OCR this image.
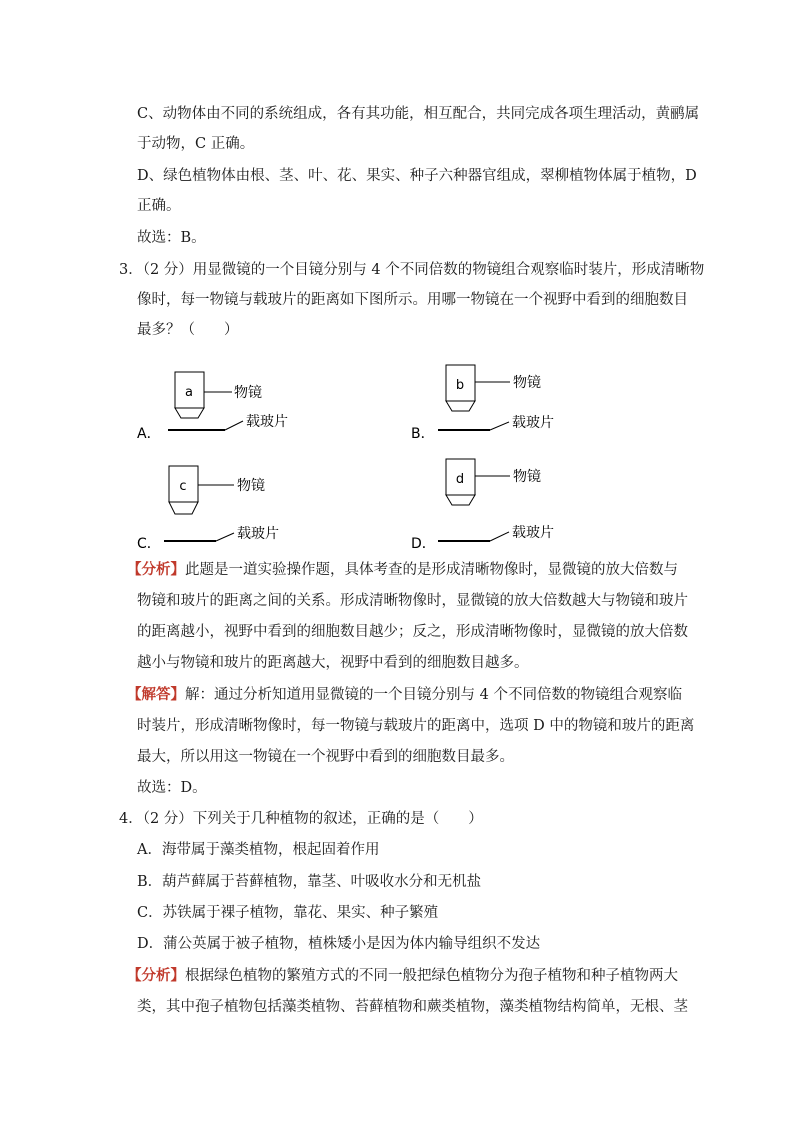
C、动物体由不同的系统组成，各有其功能，相互配合，共同完成各项生理活动，黄鹂属
于动物，C 正确。
D、绿色植物体由根、茎、叶、花、果实、种子六种器官组成，翠柳植物体属于植物，D
正确。
故选：B。
3．（2 分）用显微镜的一个目镜分别与 4 个不同倍数的物镜组合观察临时装片，形成清晰物
像时，每一物镜与载玻片的距离如下图所示。用哪一物镜在一个视野中看到的细胞数目
最多？（　　）
a	物镜
载玻片
A．
b	物镜
载玻片
B．
c	物镜
载玻片
C．
d	物镜
载玻片
D．
【分析】此题是一道实验操作题，具体考查的是形成清晰物像时，显微镜的放大倍数与
物镜和玻片的距离之间的关系。形成清晰物像时，显微镜的放大倍数越大与物镜和玻片
的距离越小，视野中看到的细胞数目越少；反之，形成清晰物像时，显微镜的放大倍数
越小与物镜和玻片的距离越大，视野中看到的细胞数目越多。
【解答】解：通过分析知道用显微镜的一个目镜分别与 4 个不同倍数的物镜组合观察临
时装片，形成清晰物像时，每一物镜与载玻片的距离中，选项 D 中的物镜和玻片的距离
最大，所以用这一物镜在一个视野中看到的细胞数目最多。
故选：D。
4．（2 分）下列关于几种植物的叙述，正确的是（　　）
A．海带属于藻类植物，根起固着作用
B．葫芦藓属于苔藓植物，靠茎、叶吸收水分和无机盐
C．苏铁属于裸子植物，靠花、果实、种子繁殖
D．蒲公英属于被子植物，植株矮小是因为体内输导组织不发达
【分析】根据绿色植物的繁殖方式的不同一般把绿色植物分为孢子植物和种子植物两大
类，其中孢子植物包括藻类植物、苔藓植物和蕨类植物，藻类植物结构简单，无根、茎
